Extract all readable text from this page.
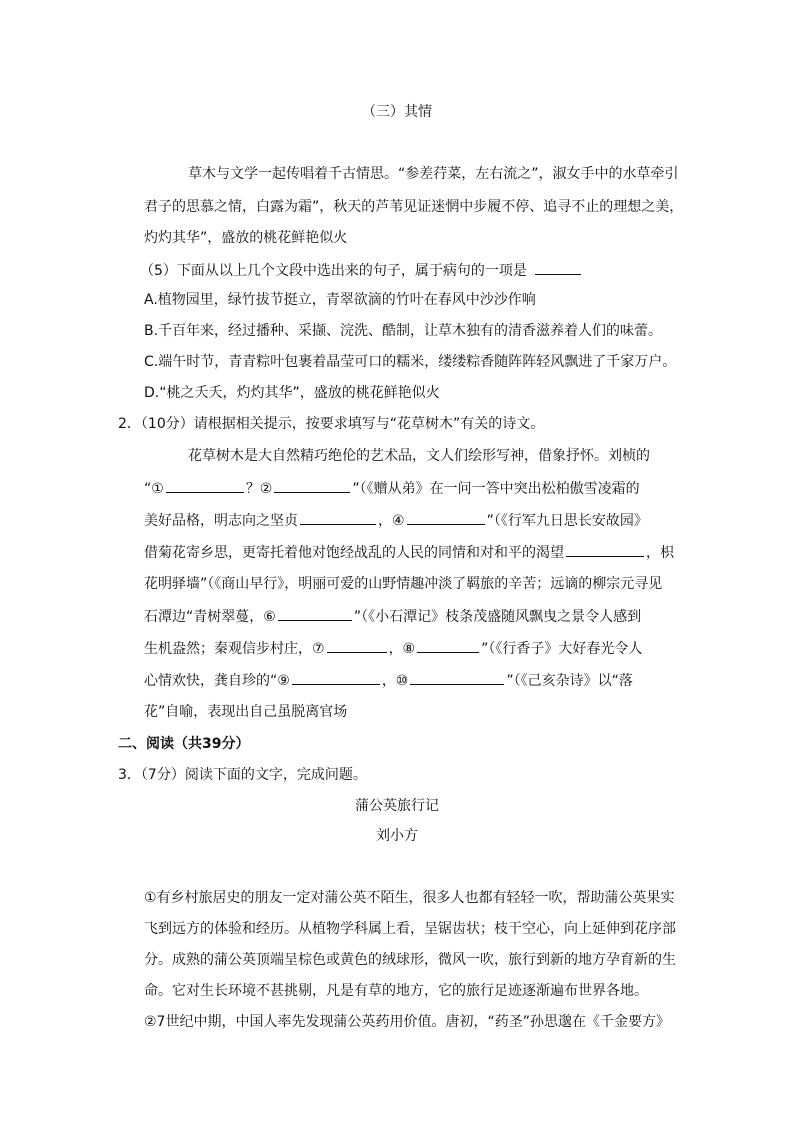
（三）其情
草木与文学一起传唱着千古情思。“参差荇菜，左右流之”，淑女手中的水草牵引
君子的思慕之情，白露为霜”，秋天的芦苇见证迷惘中步履不停、追寻不止的理想之美，
灼灼其华”，盛放的桃花鲜艳似火
（5）下面从以上几个文段中选出来的句子，属于病句的一项是
A.植物园里，绿竹拔节挺立，青翠欲滴的竹叶在春风中沙沙作响
B.千百年来，经过播种、采撷、浣洗、酷制，让草木独有的清香滋养着人们的味蕾。
C.端午时节，青青粽叶包裹着晶莹可口的糯米，缕缕粽香随阵阵轻风飘进了千家万户。
D.“桃之夭夭，灼灼其华”，盛放的桃花鲜艳似火
2．（10分）请根据相关提示，按要求填写与“花草树木”有关的诗文。
花草树木是大自然精巧绝伦的艺术品，文人们绘形写神，借象抒怀。刘桢的
“①	？②	”（《赠从弟》在一问一答中突出松柏傲雪凌霜的
美好品格，明志向之坚贞	，④	”（《行军九日思长安故园》
借菊花寄乡思，更寄托着他对饱经战乱的人民的同情和对和平的渴望	，枳
花明驿墙”（《商山早行》，明丽可爱的山野情趣冲淡了羁旅的辛苦；远谪的柳宗元寻见
石潭边“青树翠蔓，⑥	”（《小石潭记》枝条茂盛随风飘曳之景令人感到
生机盎然；秦观信步村庄，⑦	，⑧	”（《行香子》大好春光令人
心情欢快，龚自珍的“⑨	，⑩	”（《己亥杂诗》以“落
花”自喻，表现出自己虽脱离官场
二、阅读（共39分）
3．（7分）阅读下面的文字，完成问题。
蒲公英旅行记
刘小方
①有乡村旅居史的朋友一定对蒲公英不陌生，很多人也都有轻轻一吹，帮助蒲公英果实
飞到远方的体验和经历。从植物学科属上看，呈锯齿状；枝干空心，向上延伸到花序部
分。成熟的蒲公英顶端呈棕色或黄色的绒球形，微风一吹，旅行到新的地方孕育新的生
命。它对生长环境不甚挑剔，凡是有草的地方，它的旅行足迹逐渐遍布世界各地。
②7世纪中期，中国人率先发现蒲公英药用价值。唐初，“药圣”孙思邈在《千金要方》
